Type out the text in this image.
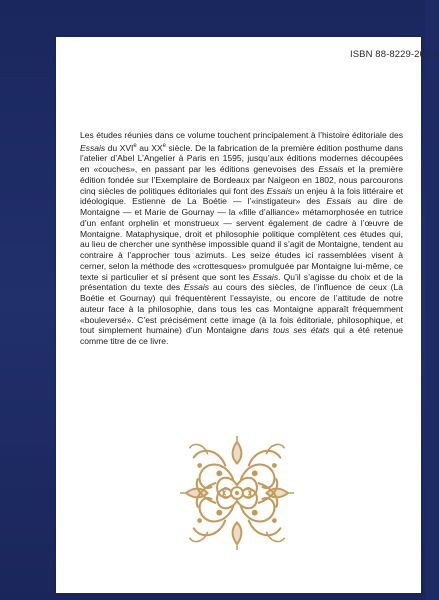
ISBN 88-8229-261-4

Les études réunies dans ce volume touchent principalement à l’histoire éditoriale des Essais du XVIe au XXe siècle. De la fabrication de la première édition posthume dans l’atelier d’Abel L’Angelier à Paris en 1595, jusqu’aux éditions modernes découpées en «couches», en passant par les éditions genevoises des Essais et la première édition fondée sur l’Exemplaire de Bordeaux par Naigeon en 1802, nous parcourons cinq siècles de politiques éditoriales qui font des Essais un enjeu à la fois littéraire et idéologique. Estienne de La Boétie — l’«instigateur» des Essais au dire de Montaigne — et Marie de Gournay — la «fille d’alliance» métamorphosée en tutrice d’un enfant orphelin et monstrueux — servent également de cadre à l’œuvre de Montaigne. Mataphysique, droit et philosophie politique complètent ces études qui, au lieu de chercher une synthèse impossible quand il s’agit de Montaigne, tendent au contraire à l’approcher tous azimuts. Les seize études ici rassemblées visent à cerner, selon la méthode des «crottesques» promulguée par Montaigne lui-même, ce texte si particulier et si présent que sont les Essais. Qu’il s’agisse du choix et de la présentation du texte des Essais au cours des siècles, de l’influence de ceux (La Boétie et Gournay) qui fréquentèrent l’essayiste, ou encore de l’attitude de notre auteur face à la philosophie, dans tous les cas Montaigne apparaît fréquemment «bouleversé». C’est précisément cette image (à la fois éditoriale, philosophique, et tout simplement humaine) d’un Montaigne dans tous ses états qui a été retenue comme titre de ce livre.
